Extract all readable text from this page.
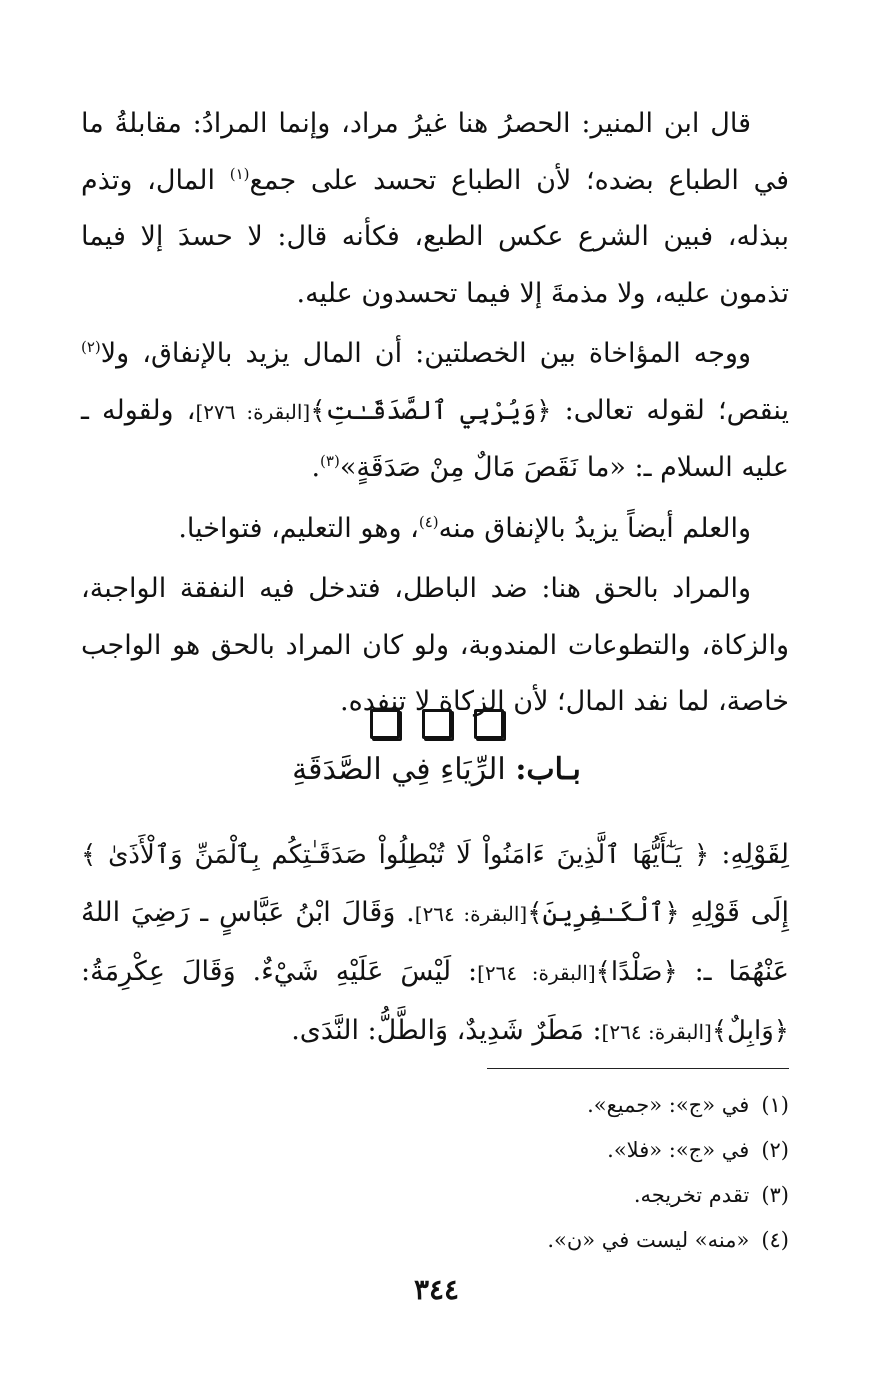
قال ابن المنير: الحصرُ هنا غيرُ مراد، وإنما المرادُ: مقابلةُ ما في الطباع بضده؛ لأن الطباع تحسد على جمع$^{(١)}$ المال، وتذم ببذله، فبين الشرع عكس الطبع، فكأنه قال: لا حسدَ إلا فيما تذمون عليه، ولا مذمةَ إلا فيما تحسدون عليه.

ووجه المؤاخاة بين الخصلتين: أن المال يزيد بالإنفاق، ولا$^{(٢)}$ ينقص؛ لقوله تعالى: ﴿وَيُرْبِي ٱلصَّدَقَـٰتِ﴾[البقرة: ٢٧٦]، ولقوله ـ عليه السلام ـ: «ما نَقَصَ مَالٌ مِنْ صَدَقَةٍ»$^{(٣)}$.

والعلم أيضاً يزيدُ بالإنفاق منه$^{(٤)}$، وهو التعليم، فتواخيا.

والمراد بالحق هنا: ضد الباطل، فتدخل فيه النفقة الواجبة، والزكاة، والتطوعات المندوبة، ولو كان المراد بالحق هو الواجب خاصة، لما نفد المال؛ لأن الزكاة لا تنفده.

بـاب: الرِّيَاءِ فِي الصَّدَقَةِ

لِقَوْلِهِ: ﴿ يَـٰٓأَيُّهَا ٱلَّذِينَ ءَامَنُواْ لَا تُبْطِلُواْ صَدَقَـٰتِكُم بِٱلْمَنِّ وَٱلْأَذَىٰ ﴾ إِلَى قَوْلِهِ ﴿ٱلْكَـٰفِرِينَ﴾[البقرة: ٢٦٤]. وَقَالَ ابْنُ عَبَّاسٍ ـ رَضِيَ اللهُ عَنْهُمَا ـ: ﴿صَلْدًا﴾[البقرة: ٢٦٤]: لَيْسَ عَلَيْهِ شَيْءٌ. وَقَالَ عِكْرِمَةُ: ﴿وَابِلٌ﴾[البقرة: ٢٦٤]: مَطَرٌ شَدِيدٌ، وَالطَّلُّ: النَّدَى.

(١)
في «ج»: «جميع».
(٢)
في «ج»: «فلا».
(٣)
تقدم تخريجه.
(٤)
«منه» ليست في «ن».
٣٤٤
